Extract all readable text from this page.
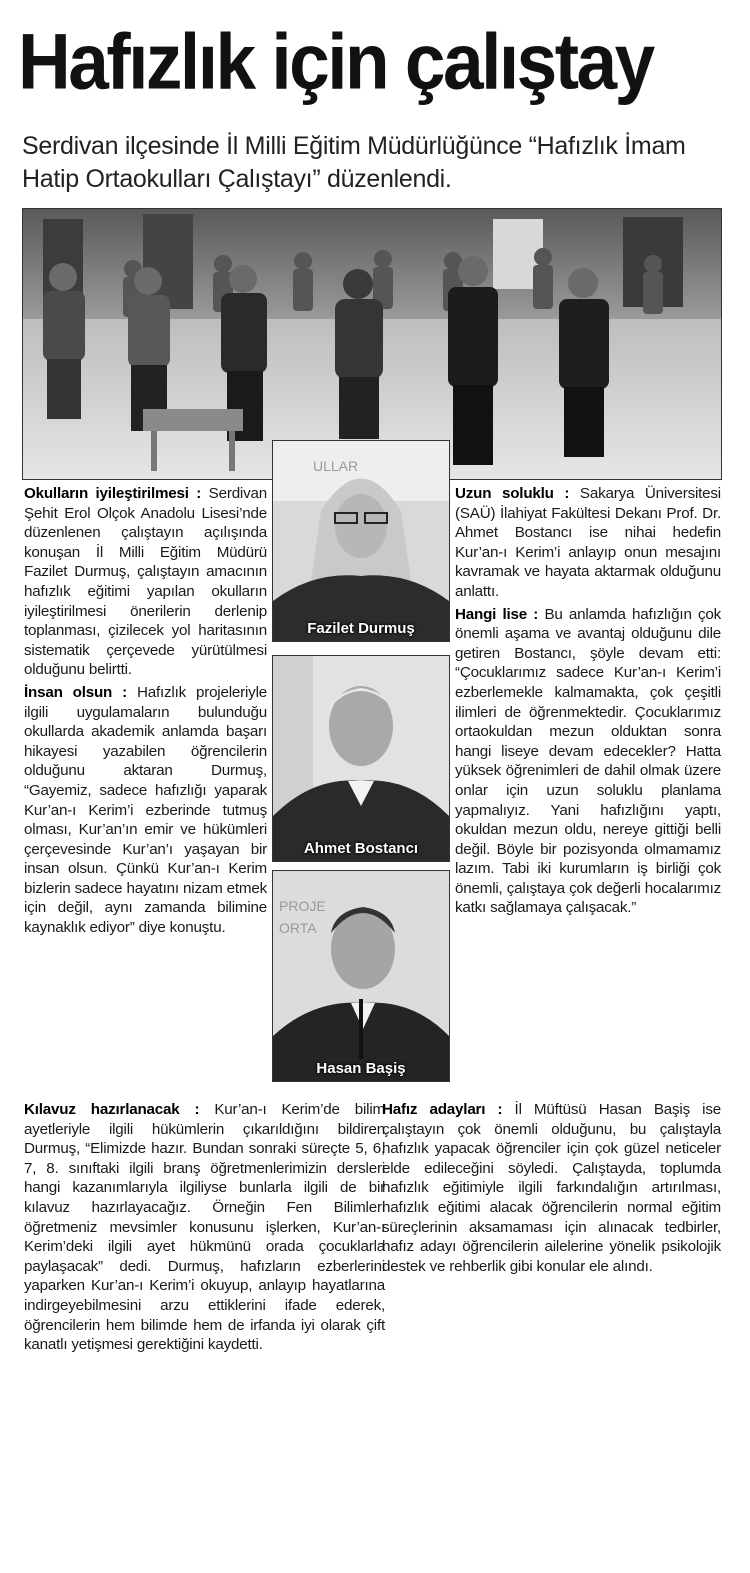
Hafızlık için çalıştay
Serdivan ilçesinde İl Milli Eğitim Müdürlüğünce “Hafızlık İmam Hatip Ortaokulları Çalıştayı” düzenlendi.
ULLAR
Fazilet Durmuş
Ahmet Bostancı
PROJE
ORTA
Hasan Başiş

Okulların iyileştirilmesi : Serdivan Şehit Erol Olçok Anadolu Lisesi’nde düzenlenen çalıştayın açılışında konuşan İl Milli Eğitim Müdürü Fazilet Durmuş, çalıştayın amacının hafızlık eğitimi yapılan okulların iyileştirilmesi önerilerin derlenip toplanması, çizilecek yol haritasının sistematik çerçevede yürütülmesi olduğunu belirtti.

İnsan olsun : Hafızlık projeleriyle ilgili uygulamaların bulunduğu okullarda akademik anlamda başarı hikayesi yazabilen öğrencilerin olduğunu aktaran Durmuş, “Gayemiz, sadece hafızlığı yaparak Kur’an-ı Kerim’i ezberinde tutmuş olması, Kur’an’ın emir ve hükümleri çerçevesinde Kur’an’ı yaşayan bir insan olsun. Çünkü Kur’an-ı Kerim bizlerin sadece hayatını nizam etmek için değil, aynı zamanda bilimine kaynaklık ediyor” diye konuştu.

Kılavuz hazırlanacak : Kur’an-ı Kerim’de bilim ayetleriyle ilgili hükümlerin çıkarıldığını bildiren Durmuş, “Elimizde hazır. Bundan sonraki süreçte 5, 6, 7, 8. sınıftaki ilgili branş öğretmenlerimizin dersleri hangi kazanımlarıyla ilgiliyse bunlarla ilgili de bir kılavuz hazırlayacağız. Örneğin Fen Bilimleri öğretmeniz mevsimler konusunu işlerken, Kur’an-ı Kerim’deki ilgili ayet hükmünü orada çocuklarla paylaşacak” dedi. Durmuş, hafızların ezberlerini yaparken Kur’an-ı Kerim’i okuyup, anlayıp hayatlarına indirgeyebilmesini arzu ettiklerini ifade ederek, öğrencilerin hem bilimde hem de irfanda iyi olarak çift kanatlı yetişmesi gerektiğini kaydetti.

Uzun soluklu : Sakarya Üniversitesi (SAÜ) İlahiyat Fakültesi Dekanı Prof. Dr. Ahmet Bostancı ise nihai hedefin Kur’an-ı Kerim’i anlayıp onun mesajını kavramak ve hayata aktarmak olduğunu anlattı.

Hangi lise : Bu anlamda hafızlığın çok önemli aşama ve avantaj olduğunu dile getiren Bostancı, şöyle devam etti: “Çocuklarımız sadece Kur’an-ı Kerim’i ezberlemekle kalmamakta, çok çeşitli ilimleri de öğrenmektedir. Çocuklarımız ortaokuldan mezun olduktan sonra hangi liseye devam edecekler? Hatta yüksek öğrenimleri de dahil olmak üzere onlar için uzun soluklu planlama yapmalıyız. Yani hafızlığını yaptı, okuldan mezun oldu, nereye gittiği belli değil. Böyle bir pozisyonda olmamamız lazım. Tabi iki kurumların iş birliği çok önemli, çalıştaya çok değerli hocalarımız katkı sağlamaya çalışacak.”

Hafız adayları : İl Müftüsü Hasan Başiş ise çalıştayın çok önemli olduğunu, bu çalıştayla hafızlık yapacak öğrenciler için çok güzel neticeler elde edileceğini söyledi. Çalıştayda, toplumda hafızlık eğitimiyle ilgili farkındalığın artırılması, hafızlık eğitimi alacak öğrencilerin normal eğitim süreçlerinin aksamaması için alınacak tedbirler, hafız adayı öğrencilerin ailelerine yönelik psikolojik destek ve rehberlik gibi konular ele alındı.
